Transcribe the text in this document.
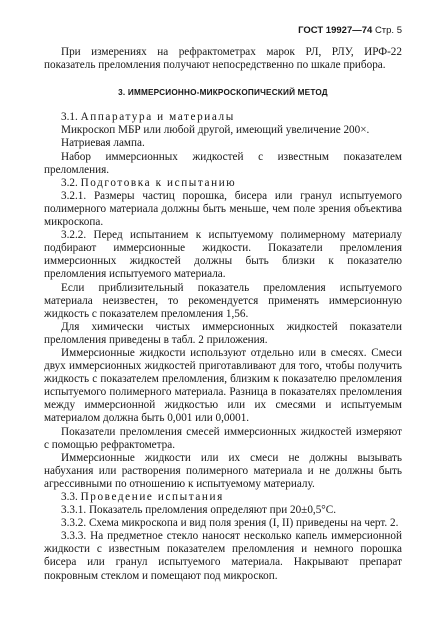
ГОСТ 19927—74 Стр. 5

При измерениях на рефрактометрах марок РЛ, РЛУ, ИРФ-22 показатель преломления получают непосредственно по шкале прибора.

3. ИММЕРСИОННО-МИКРОСКОПИЧЕСКИЙ МЕТОД

3.1. Аппаратура и материалы

Микроскоп МБР или любой другой, имеющий увеличение 200×.

Натриевая лампа.

Набор иммерсионных жидкостей с известным показателем преломления.

3.2. Подготовка к испытанию

3.2.1. Размеры частиц порошка, бисера или гранул испытуемого полимерного материала должны быть меньше, чем поле зрения объектива микроскопа.

3.2.2. Перед испытанием к испытуемому полимерному материалу подбирают иммерсионные жидкости. Показатели преломления иммерсионных жидкостей должны быть близки к показателю преломления испытуемого материала.

Если приблизительный показатель преломления испытуемого материала неизвестен, то рекомендуется применять иммерсионную жидкость с показателем преломления 1,56.

Для химически чистых иммерсионных жидкостей показатели преломления приведены в табл. 2 приложения.

Иммерсионные жидкости используют отдельно или в смесях. Смеси двух иммерсионных жидкостей приготавливают для того, чтобы получить жидкость с показателем преломления, близким к показателю преломления испытуемого полимерного материала. Разница в показателях преломления между иммерсионной жидкостью или их смесями и испытуемым материалом должна быть 0,001 или 0,0001.

Показатели преломления смесей иммерсионных жидкостей измеряют с помощью рефрактометра.

Иммерсионные жидкости или их смеси не должны вызывать набухания или растворения полимерного материала и не должны быть агрессивными по отношению к испытуемому материалу.

3.3. Проведение испытания

3.3.1. Показатель преломления определяют при 20±0,5°С.

3.3.2. Схема микроскопа и вид поля зрения (I, II) приведены на черт. 2.

3.3.3. На предметное стекло наносят несколько капель иммерсионной жидкости с известным показателем преломления и немного порошка бисера или гранул испытуемого материала. Накрывают препарат покровным стеклом и помещают под микроскоп.
